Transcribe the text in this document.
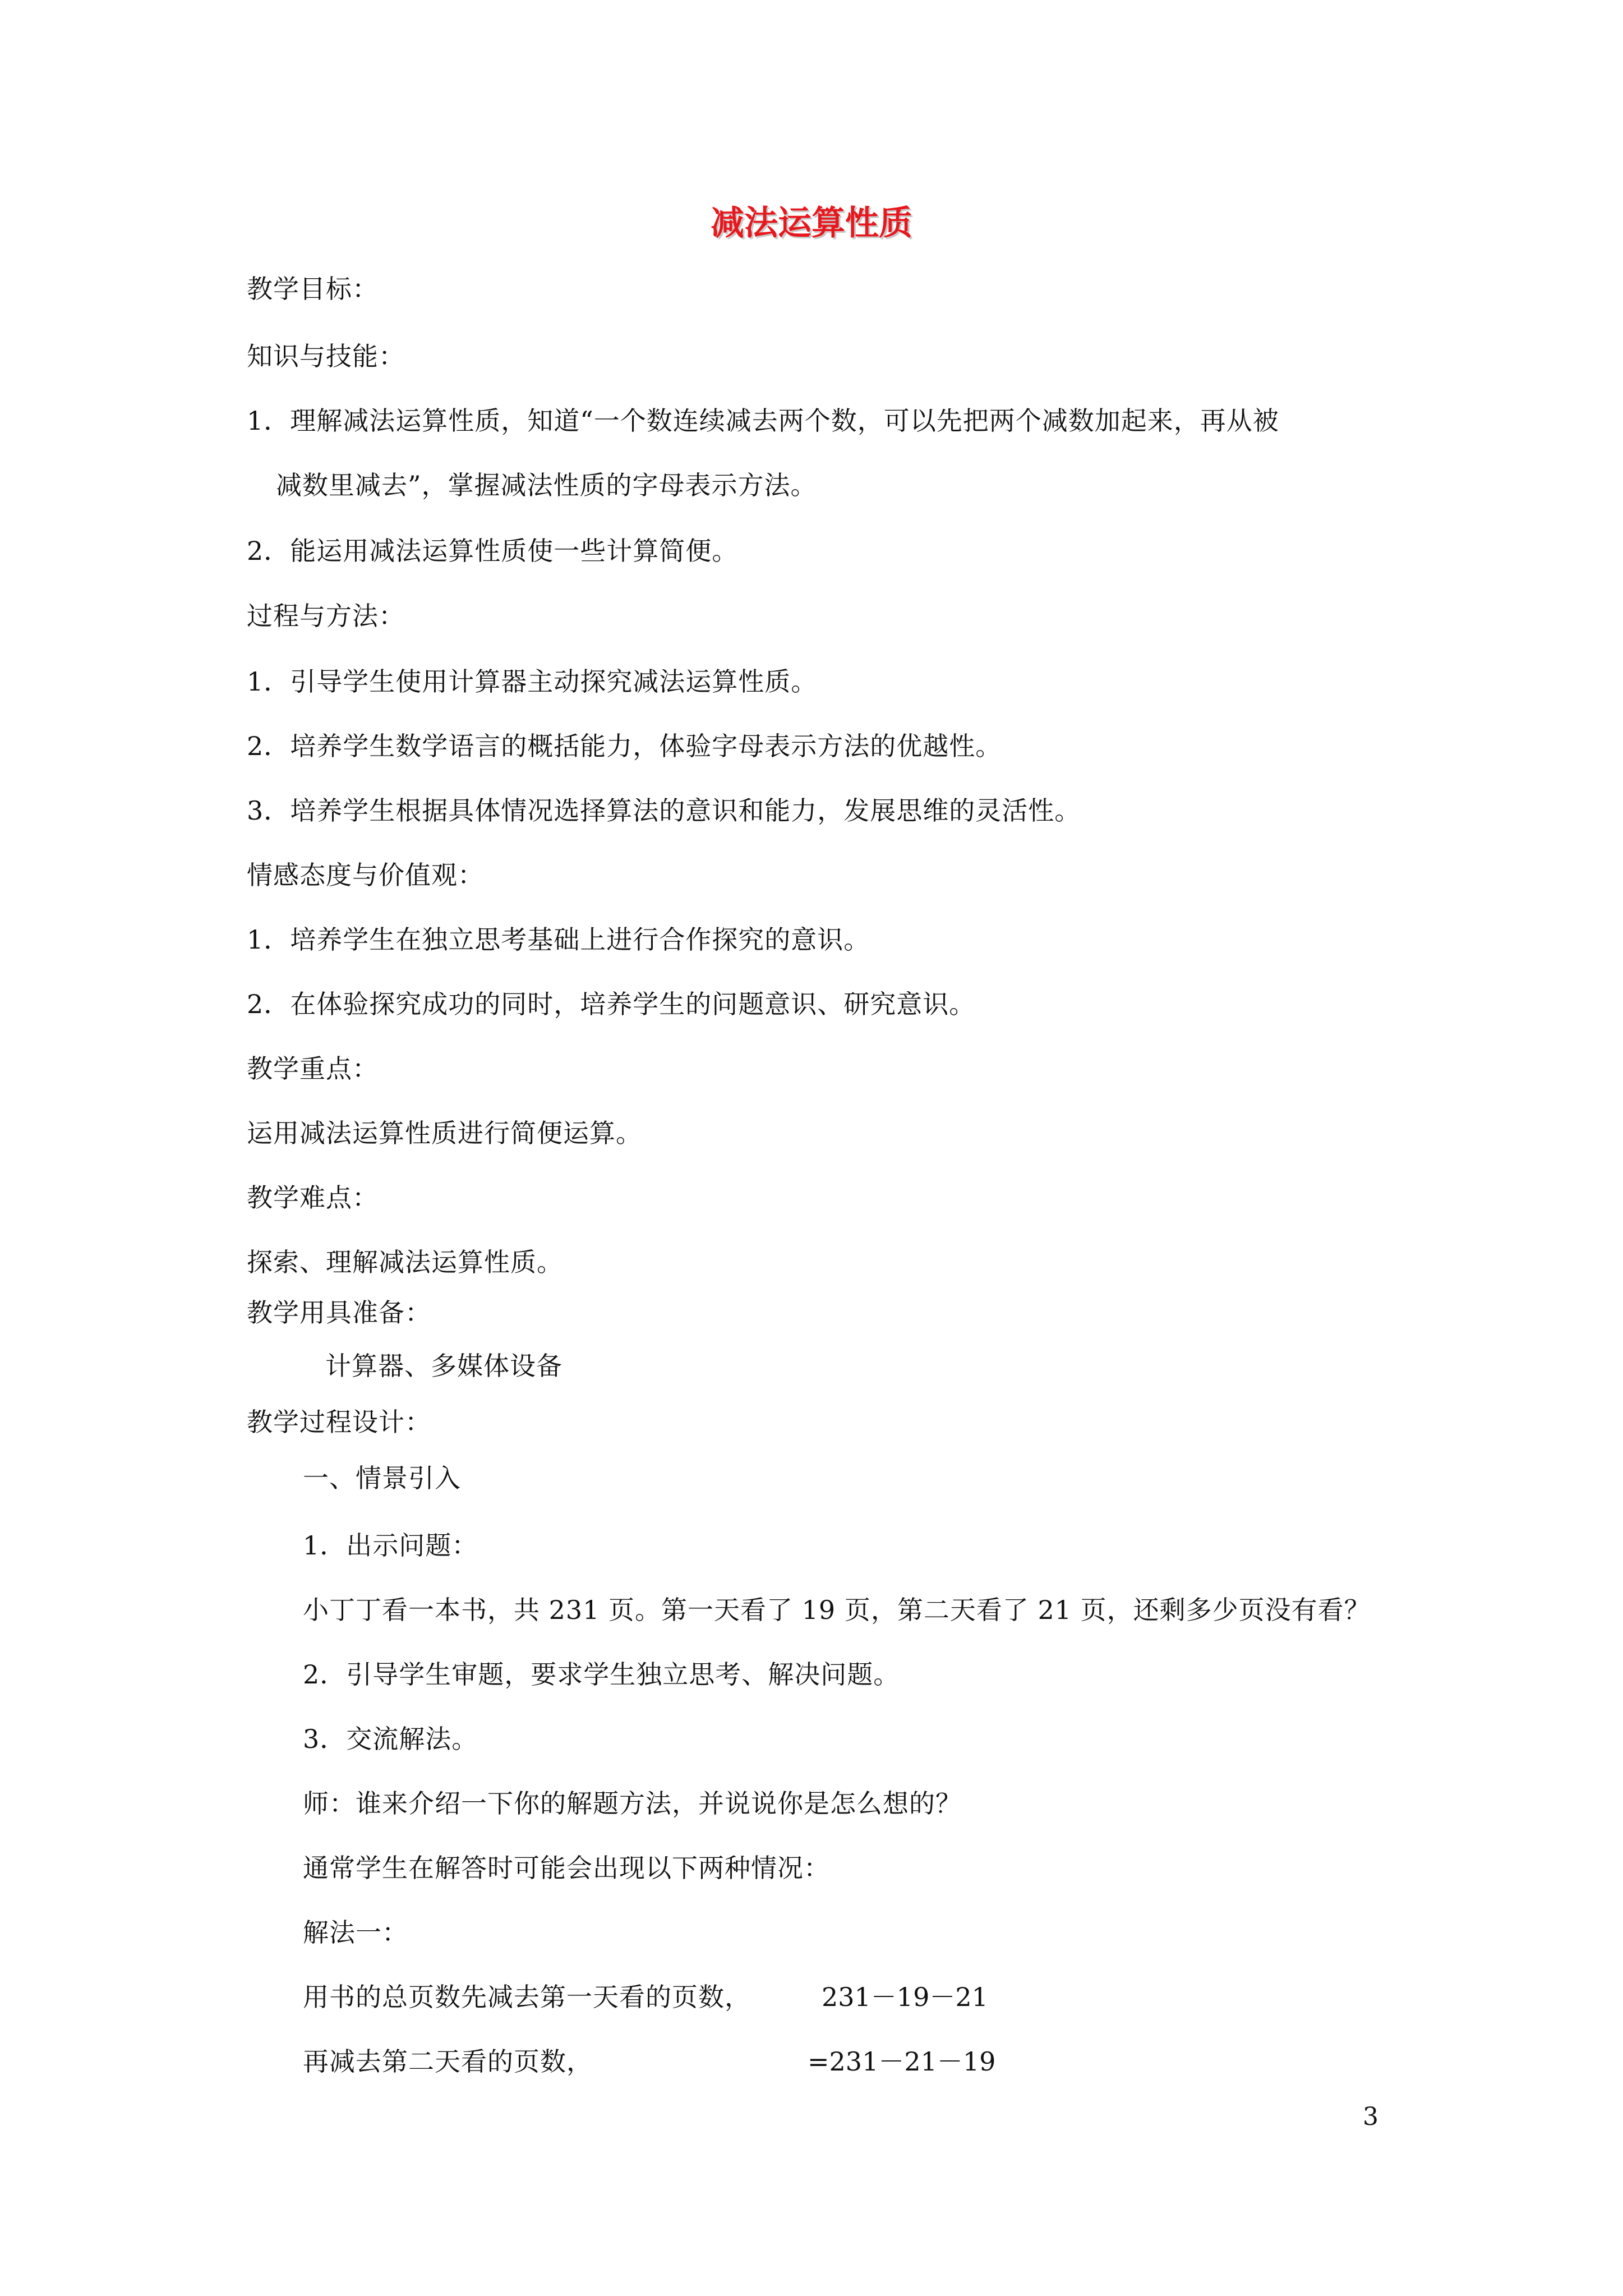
减法运算性质
教学目标：
知识与技能：
1．理解减法运算性质，知道“一个数连续减去两个数，可以先把两个减数加起来，再从被
减数里减去”，掌握减法性质的字母表示方法。
2．能运用减法运算性质使一些计算简便。
过程与方法：
1．引导学生使用计算器主动探究减法运算性质。
2．培养学生数学语言的概括能力，体验字母表示方法的优越性。
3．培养学生根据具体情况选择算法的意识和能力，发展思维的灵活性。
情感态度与价值观：
1．培养学生在独立思考基础上进行合作探究的意识。
2．在体验探究成功的同时，培养学生的问题意识、研究意识。
教学重点：
运用减法运算性质进行简便运算。
教学难点：
探索、理解减法运算性质。
教学用具准备：
计算器、多媒体设备
教学过程设计：
一、情景引入
1．出示问题：
小丁丁看一本书，共 231 页。第一天看了 19 页，第二天看了 21 页，还剩多少页没有看？
2．引导学生审题，要求学生独立思考、解决问题。
3．交流解法。
师：谁来介绍一下你的解题方法，并说说你是怎么想的？
通常学生在解答时可能会出现以下两种情况：
解法一：
用书的总页数先减去第一天看的页数，
再减去第二天看的页数，
231－19－21
=231－21－19
3
